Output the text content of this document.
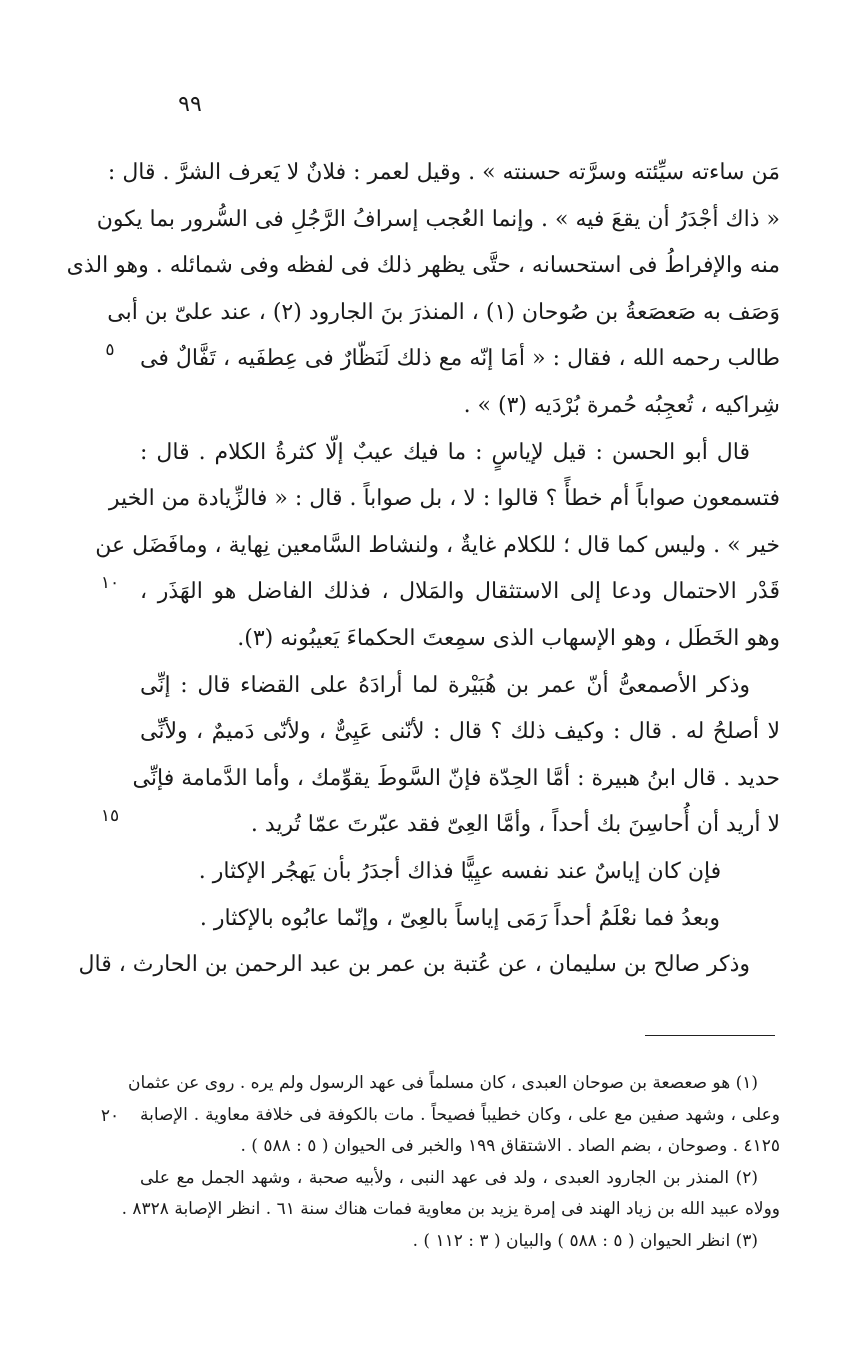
٩٩
مَن ساءته سيِّئته وسرَّته حسنته » . وقيل لعمر : فلانٌ لا يَعرف الشرَّ . قال :
« ذاك أجْدَرُ أن يقعَ فيه » . وإنما العُجب إسرافُ الرَّجُلِ فى السُّرور بما يكون
منه والإفراطُ فى استحسانه ، حتَّى يظهر ذلك فى لفظه وفى شمائله . وهو الذى
وَصَف به صَعصَعةُ بن صُوحان (١) ، المنذرَ بنَ الجارود (٢) ، عند علىّ بن أبى
طالب رحمه الله ، فقال : « أمَا إنّه مع ذلك لَنَظّارٌ فى عِطفَيه ، تَفَّالٌ فى
شِراكيه ، تُعجِبُه حُمرة بُرْدَيه (٣) » .
قال أبو الحسن : قيل لإياسٍ : ما فيك عيبٌ إلّا كثرةُ الكلام . قال :
فتسمعون صواباً أم خطأً ؟ قالوا : لا ، بل صواباً . قال : « فالزِّيادة من الخير
خير » . وليس كما قال ؛ للكلام غايةٌ ، ولنشاط السَّامعين نِهاية ، ومافَضَل عن
قَدْر الاحتمال ودعا إلى الاستثقال والمَلال ، فذلك الفاضل هو الهَذَر ،
وهو الخَطَل ، وهو الإسهاب الذى سمِعتَ الحكماءَ يَعيبُونه (٣).
وذكر الأصمعىُّ أنّ عمر بن هُبَيْرة لما أرادَهُ على القضاء قال : إنِّى
لا أصلحُ له . قال : وكيف ذلك ؟ قال : لأنّنى عَيِىٌّ ، ولأنّى دَميمٌ ، ولأنِّى
حديد . قال ابنُ هبيرة : أمَّا الحِدّة فإنّ السَّوطَ يقوِّمك ، وأما الدَّمامة فإنِّى
لا أريد أن أُحاسِنَ بك أحداً ، وأمَّا العِىّ فقد عبّرتَ عمّا تُريد .
فإن كان إياسٌ عند نفسه عيِيًّا فذاك أجدَرُ بأن يَهجُر الإكثار .
وبعدُ فما نعْلَمُ أحداً رَمَى إياساً بالعِىّ ، وإنّما عابُوه بالإكثار .
وذكر صالح بن سليمان ، عن عُتبة بن عمر بن عبد الرحمن بن الحارث ، قال
٥
١٠
١٥
٢٠
(١) هو صعصعة بن صوحان العبدى ، كان مسلماً فى عهد الرسول ولم يره . روى عن عثمان
وعلى ، وشهد صفين مع على ، وكان خطيباً فصيحاً . مات بالكوفة فى خلافة معاوية . الإصابة
٤١٢٥ . وصوحان ، بضم الصاد . الاشتقاق ١٩٩ والخبر فى الحيوان ( ٥ : ٥٨٨ ) .
(٢) المنذر بن الجارود العبدى ، ولد فى عهد النبى ، ولأبيه صحبة ، وشهد الجمل مع على
وولاه عبيد الله بن زياد الهند فى إمرة يزيد بن معاوية فمات هناك سنة ٦١ . انظر الإصابة ٨٣٢٨ .
(٣) انظر الحيوان ( ٥ : ٥٨٨ ) والبيان ( ٣ : ١١٢ ) .
